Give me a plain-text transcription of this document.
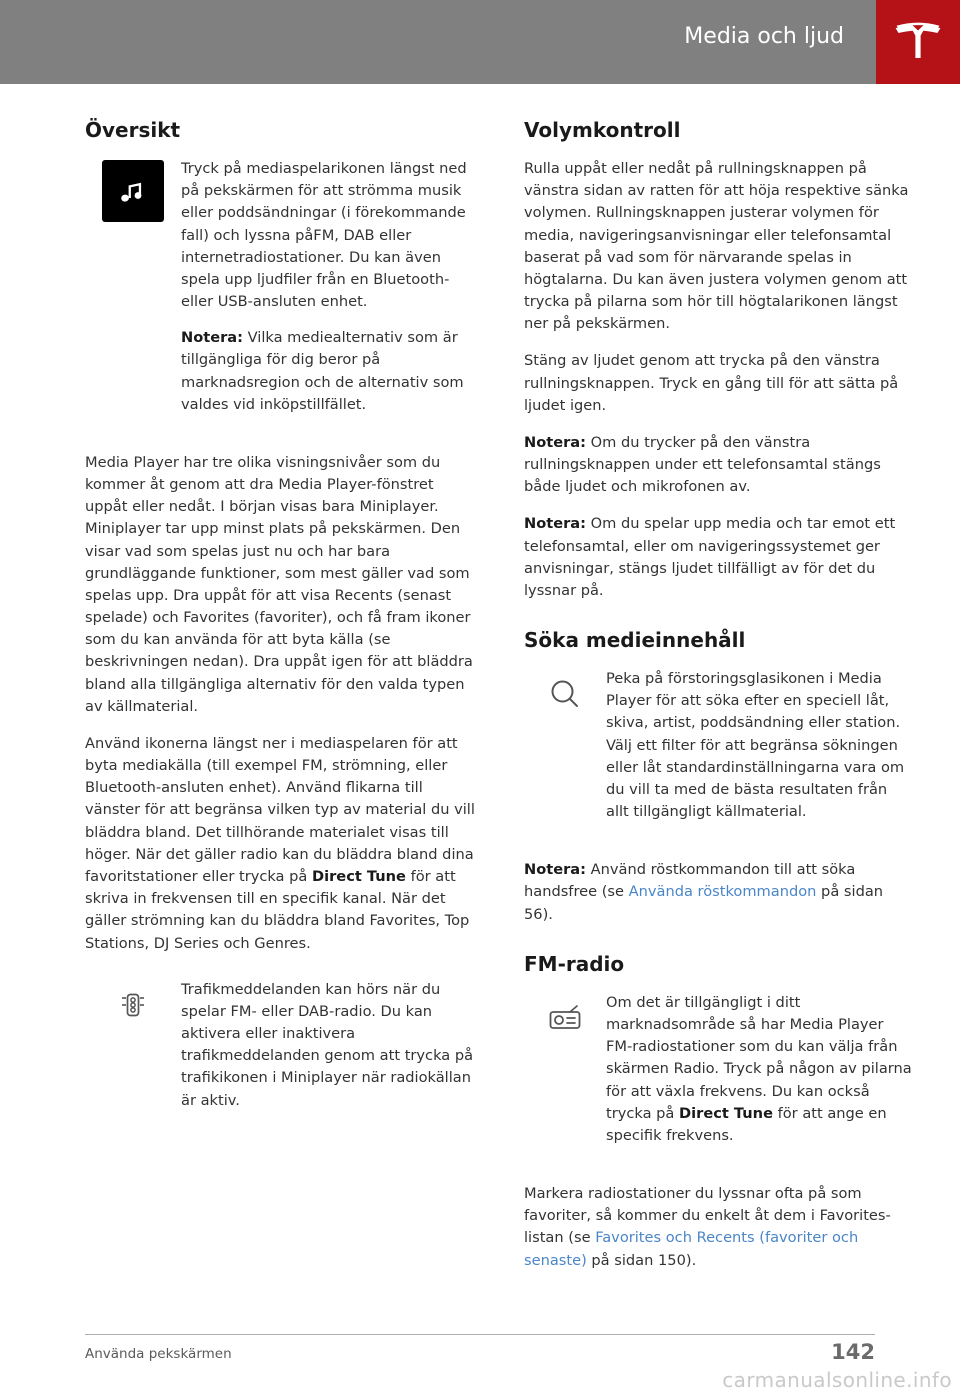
Media och ljud
Översikt

Tryck på mediaspelarikonen längst ned på pekskärmen för att strömma musik eller poddsändningar (i förekommande fall) och lyssna påFM, DAB eller internetradiostationer. Du kan även spela upp ljudfiler från en Bluetooth- eller USB-ansluten enhet.

Notera: Vilka mediealternativ som är tillgängliga för dig beror på marknadsregion och de alternativ som valdes vid inköpstillfället.

Media Player har tre olika visningsnivåer som du kommer åt genom att dra Media Player-fönstret uppåt eller nedåt. I början visas bara Miniplayer. Miniplayer tar upp minst plats på pekskärmen. Den visar vad som spelas just nu och har bara grundläggande funktioner, som mest gäller vad som spelas upp. Dra uppåt för att visa Recents (senast spelade) och Favorites (favoriter), och få fram ikoner som du kan använda för att byta källa (se beskrivningen nedan). Dra uppåt igen för att bläddra bland alla tillgängliga alternativ för den valda typen av källmaterial.

Använd ikonerna längst ner i mediaspelaren för att byta mediakälla (till exempel FM, strömning, eller Bluetooth-ansluten enhet). Använd flikarna till vänster för att begränsa vilken typ av material du vill bläddra bland. Det tillhörande materialet visas till höger. När det gäller radio kan du bläddra bland dina favoritstationer eller trycka på Direct Tune för att skriva in frekvensen till en specifik kanal. När det gäller strömning kan du bläddra bland Favorites, Top Stations, DJ Series och Genres.

Trafikmeddelanden kan hörs när du spelar FM- eller DAB-radio. Du kan aktivera eller inaktivera trafikmeddelanden genom att trycka på trafikikonen i Miniplayer när radiokällan är aktiv.

Volymkontroll

Rulla uppåt eller nedåt på rullningsknappen på vänstra sidan av ratten för att höja respektive sänka volymen. Rullningsknappen justerar volymen för media, navigeringsanvisningar eller telefonsamtal baserat på vad som för närvarande spelas in högtalarna. Du kan även justera volymen genom att trycka på pilarna som hör till högtalarikonen längst ner på pekskärmen.

Stäng av ljudet genom att trycka på den vänstra rullningsknappen. Tryck en gång till för att sätta på ljudet igen.

Notera: Om du trycker på den vänstra rullningsknappen under ett telefonsamtal stängs både ljudet och mikrofonen av.

Notera: Om du spelar upp media och tar emot ett telefonsamtal, eller om navigeringssystemet ger anvisningar, stängs ljudet tillfälligt av för det du lyssnar på.

Söka medieinnehåll

Peka på förstoringsglasikonen i Media Player för att söka efter en speciell låt, skiva, artist, poddsändning eller station. Välj ett filter för att begränsa sökningen eller låt standardinställningarna vara om du vill ta med de bästa resultaten från allt tillgängligt källmaterial.

Notera: Använd röstkommandon till att söka handsfree (se Använda röstkommandon på sidan 56).

FM-radio

Om det är tillgängligt i ditt marknadsområde så har Media Player FM-radiostationer som du kan välja från skärmen Radio. Tryck på någon av pilarna för att växla frekvens. Du kan också trycka på Direct Tune för att ange en specifik frekvens.

Markera radiostationer du lyssnar ofta på som favoriter, så kommer du enkelt åt dem i Favorites-listan (se Favorites och Recents (favoriter och senaste) på sidan 150).

Använda pekskärmen	142
carmanualsonline.info
